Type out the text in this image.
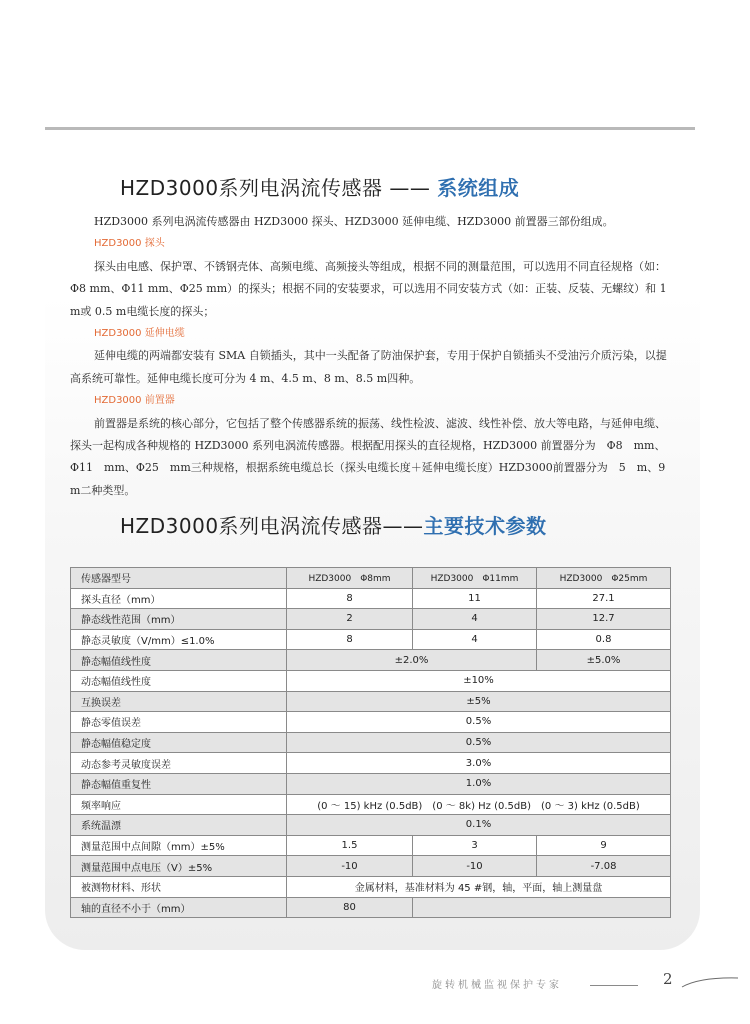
HZD3000系列电涡流传感器 —— 系统组成

HZD3000 系列电涡流传感器由 HZD3000 探头、HZD3000 延伸电缆、HZD3000 前置器三部份组成。

HZD3000 探头

探头由电感、保护罩、不锈钢壳体、高频电缆、高频接头等组成，根据不同的测量范围，可以选用不同直径规格（如：Φ8 mm、Φ11 mm、Φ25 mm）的探头；根据不同的安装要求，可以选用不同安装方式（如：正装、反装、无螺纹）和 1 m或 0.5 m电缆长度的探头；

HZD3000 延伸电缆

延伸电缆的两端都安装有 SMA 自锁插头，其中一头配备了防油保护套，专用于保护自锁插头不受油污介质污染，以提高系统可靠性。延伸电缆长度可分为 4 m、4.5 m、8 m、8.5 m四种。

HZD3000 前置器

前置器是系统的核心部分，它包括了整个传感器系统的振荡、线性检波、滤波、线性补偿、放大等电路，与延伸电缆、探头一起构成各种规格的 HZD3000 系列电涡流传感器。根据配用探头的直径规格，HZD3000 前置器分为　Φ8　mm、Φ11　mm、Φ25　mm三种规格，根据系统电缆总长（探头电缆长度＋延伸电缆长度）HZD3000前置器分为　5　m、9　m二种类型。

HZD3000系列电涡流传感器——主要技术参数
传感器型号	HZD3000　Φ8mm	HZD3000　Φ11mm	HZD3000　Φ25mm
探头直径（mm）	8	11	27.1
静态线性范围（mm）	2	4	12.7
静态灵敏度（V/mm）≤1.0%	8	4	0.8
静态幅值线性度	±2.0%		±5.0%
动态幅值线性度	±10%		
互换误差	±5%		
静态零值误差	0.5%		
静态幅值稳定度	0.5%		
动态参考灵敏度误差	3.0%		
静态幅值重复性	1.0%		
频率响应	(0 ～ 15) kHz (0.5dB)　(0 ～ 8k) Hz (0.5dB)　(0 ～ 3) kHz (0.5dB)		
系统温漂	0.1%		
测量范围中点间隙（mm）±5%	1.5	3	9
测量范围中点电压（V）±5%	-10	-10	-7.08
被测物材料、形状	金属材料，基准材料为 45 #钢，轴，平面，轴上测量盘		
轴的直径不小于（mm）	80		
旋转机械监视保护专家	2
